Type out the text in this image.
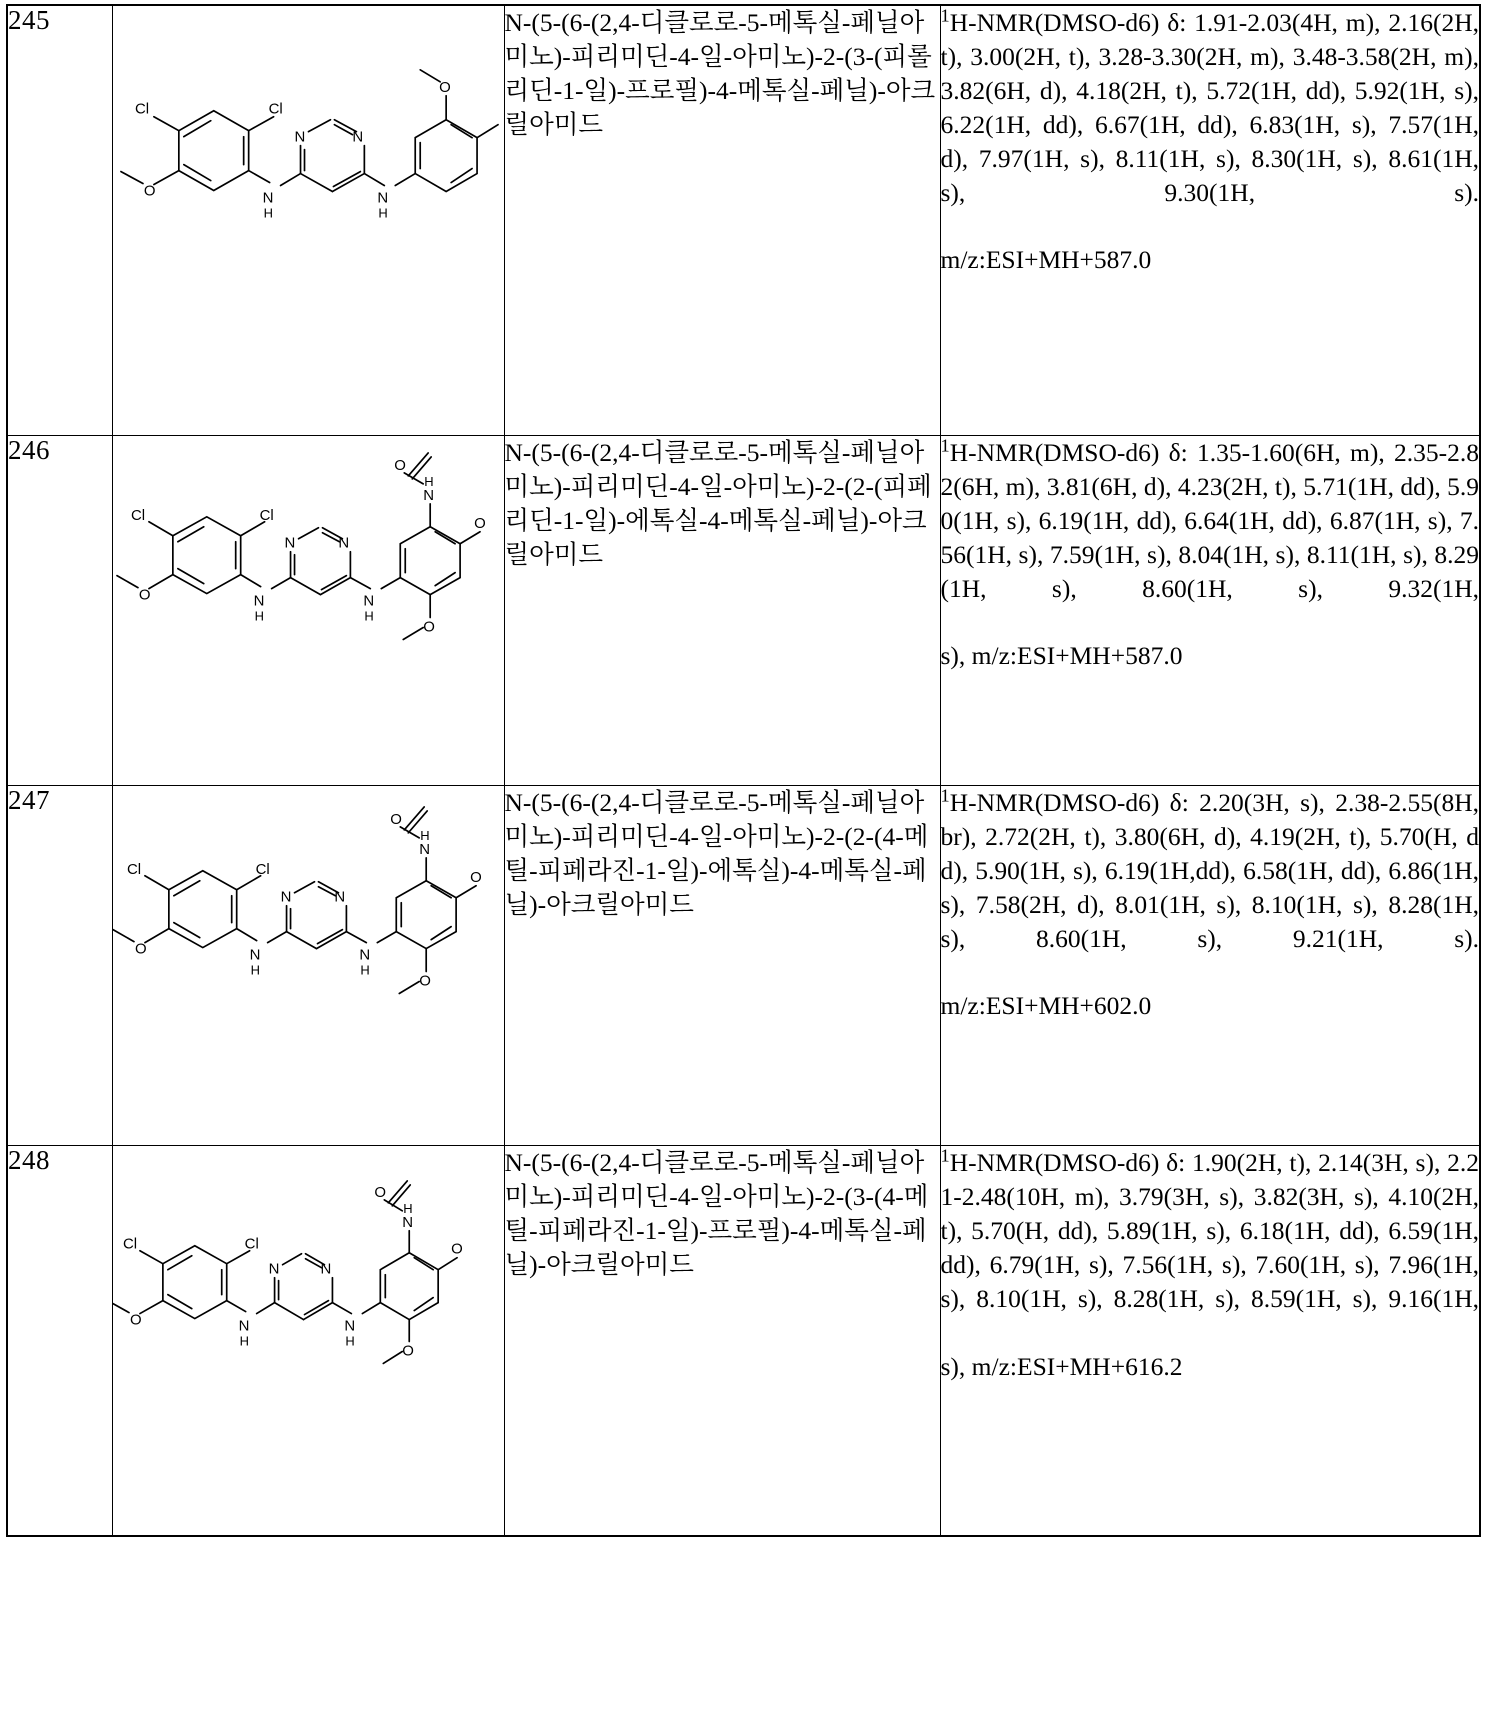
245	
Cl	Cl
O	N
H
N	N
N
H
O

N-(5-(6-(2,4-디클로로-5-메톡실-페닐아미노)-피리미딘-4-일-아미노)-2-(3-(피롤리딘-1-일)-프로필)-4-메톡실-페닐)-아크릴아미드

$^1$H-NMR(DMSO-d6) δ: 1.91-2.03(4H, m), 2.16(2H, t), 3.00(2H, t), 3.28-3.30(2H, m), 3.48-3.58(2H, m), 3.82(6H, d), 4.18(2H, t), 5.72(1H, dd), 5.92(1H, s), 6.22(1H, dd), 6.67(1H, dd), 6.83(1H, s), 7.57(1H, d), 7.97(1H, s), 8.11(1H, s), 8.30(1H, s), 8.61(1H, s), 9.30(1H, s).
m/z:ESI+MH+587.0

246	
Cl	Cl
O	N
H
N	N
N
H
O
N
H
O
O

N-(5-(6-(2,4-디클로로-5-메톡실-페닐아미노)-피리미딘-4-일-아미노)-2-(2-(피페리딘-1-일)-에톡실-4-메톡실-페닐)-아크릴아미드

$^1$H-NMR(DMSO-d6) δ: 1.35-1.60(6H, m), 2.35-2.82(6H, m), 3.81(6H, d), 4.23(2H, t), 5.71(1H, dd), 5.90(1H, s), 6.19(1H, dd), 6.64(1H, dd), 6.87(1H, s), 7.56(1H, s), 7.59(1H, s), 8.04(1H, s), 8.11(1H, s), 8.29(1H, s), 8.60(1H, s), 9.32(1H,
s), m/z:ESI+MH+587.0

247	
Cl	Cl
O	N
H
N	N
N
H
O
N
H
O
O

N-(5-(6-(2,4-디클로로-5-메톡실-페닐아미노)-피리미딘-4-일-아미노)-2-(2-(4-메틸-피페라진-1-일)-에톡실)-4-메톡실-페닐)-아크릴아미드

$^1$H-NMR(DMSO-d6) δ: 2.20(3H, s), 2.38-2.55(8H, br), 2.72(2H, t), 3.80(6H, d), 4.19(2H, t), 5.70(H, dd), 5.90(1H, s), 6.19(1H,dd), 6.58(1H, dd), 6.86(1H, s), 7.58(2H, d), 8.01(1H, s), 8.10(1H, s), 8.28(1H, s), 8.60(1H, s), 9.21(1H, s).
m/z:ESI+MH+602.0

248	
Cl	Cl
O	N
H
N	N
N
H
O
N
H
O
O

N-(5-(6-(2,4-디클로로-5-메톡실-페닐아미노)-피리미딘-4-일-아미노)-2-(3-(4-메틸-피페라진-1-일)-프로필)-4-메톡실-페닐)-아크릴아미드

$^1$H-NMR(DMSO-d6) δ: 1.90(2H, t), 2.14(3H, s), 2.21-2.48(10H, m), 3.79(3H, s), 3.82(3H, s), 4.10(2H, t), 5.70(H, dd), 5.89(1H, s), 6.18(1H, dd), 6.59(1H, dd), 6.79(1H, s), 7.56(1H, s), 7.60(1H, s), 7.96(1H, s), 8.10(1H, s), 8.28(1H, s), 8.59(1H, s), 9.16(1H,
s), m/z:ESI+MH+616.2
